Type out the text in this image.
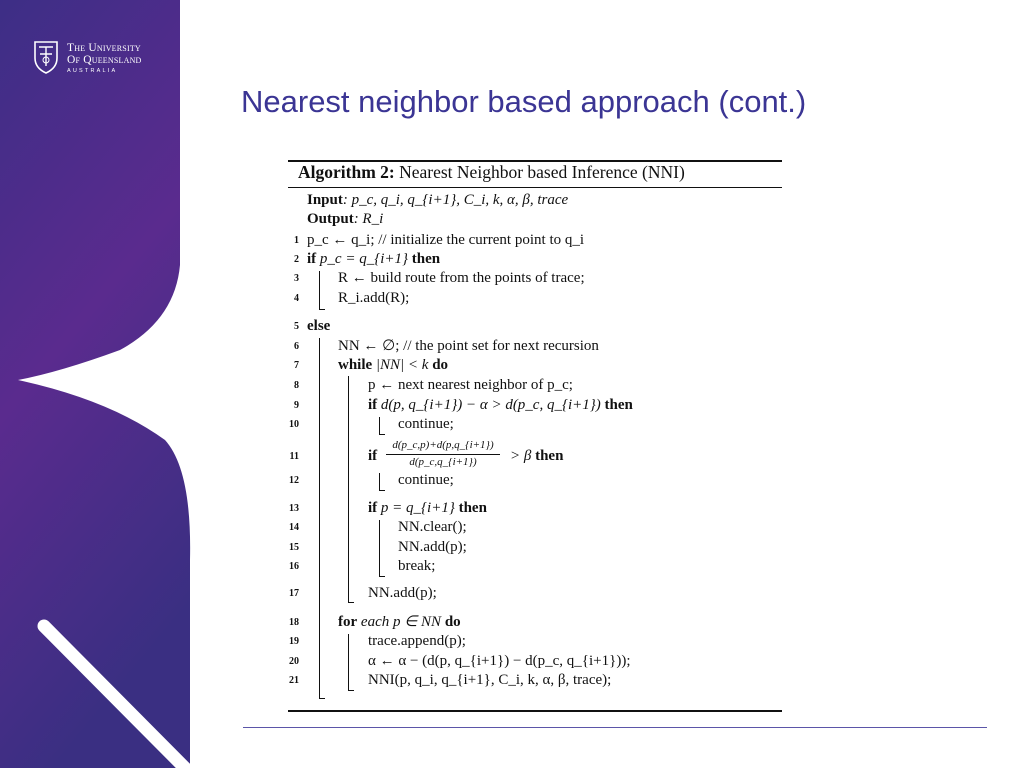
The University
Of Queensland
AUSTRALIA
Nearest neighbor based approach (cont.)
Algorithm 2: Nearest Neighbor based Inference (NNI)
Input: p_c, q_i, q_{i+1}, C_i, k, α, β, trace
Output: R_i
1
2
3
4
5
6
7
8
9
10
11
12
13
14
15
16
17
18
19
20
21
p_c ← q_i; // initialize the current point to q_i
if p_c = q_{i+1} then
R ← build route from the points of trace;
R_i.add(R);
else
NN ← ∅; // the point set for next recursion
while |NN| < k do
p ← next nearest neighbor of p_c;
if d(p, q_{i+1}) − α > d(p_c, q_{i+1}) then
continue;
if
d(p_c,p)+d(p,q_{i+1})
d(p_c,q_{i+1})	> β then
continue;
if p = q_{i+1} then
NN.clear();
NN.add(p);
break;
NN.add(p);
for each p ∈ NN do
trace.append(p);
α ← α − (d(p, q_{i+1}) − d(p_c, q_{i+1}));
NNI(p, q_i, q_{i+1}, C_i, k, α, β, trace);
